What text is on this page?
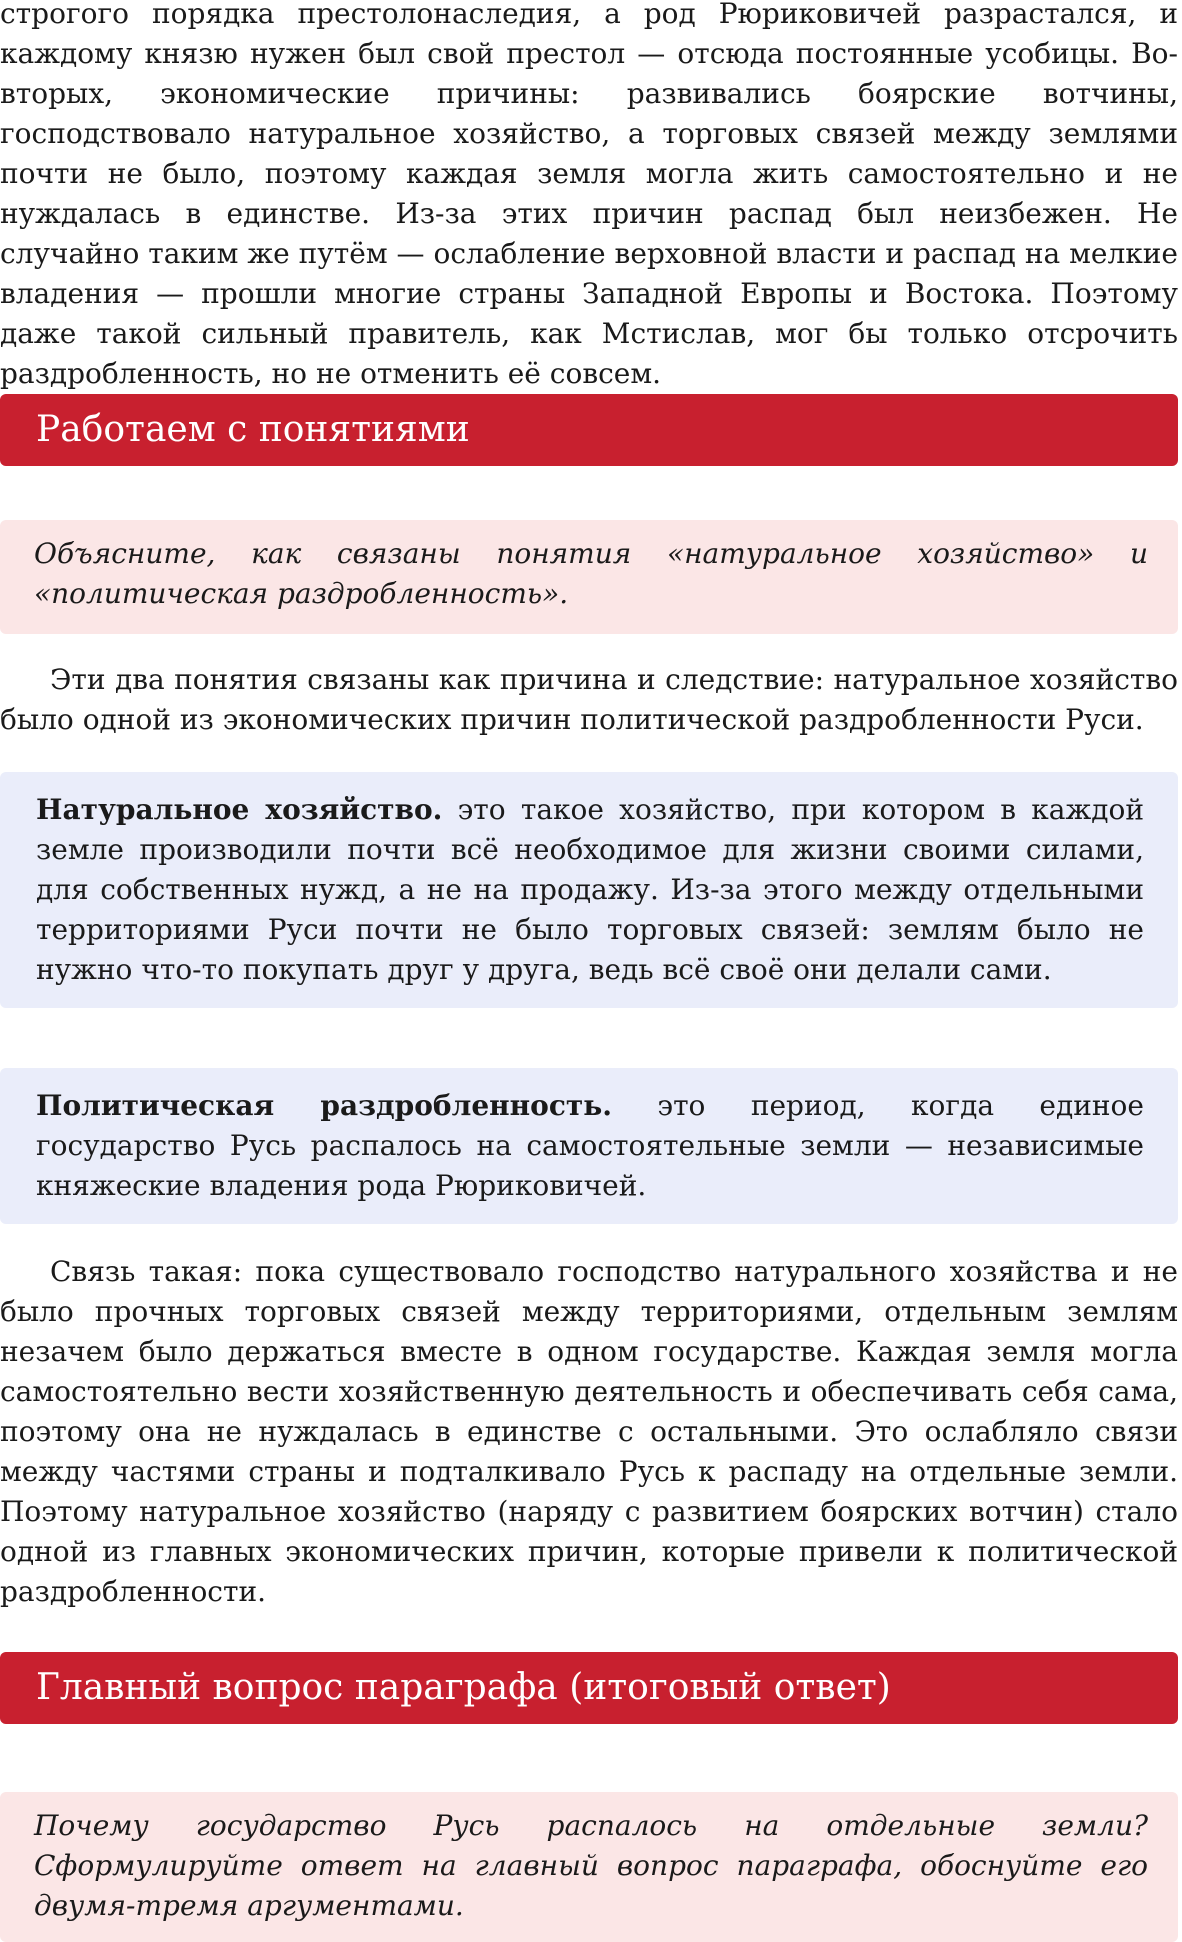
строгого порядка престолонаследия, а род Рюриковичей разрастался, и каждому князю нужен был свой престол — отсюда постоянные усобицы. Во-вторых, экономические причины: развивались боярские вотчины, господствовало натуральное хозяйство, а торговых связей между землями почти не было, поэтому каждая земля могла жить самостоятельно и не нуждалась в единстве. Из-за этих причин распад был неизбежен. Не случайно таким же путём — ослабление верховной власти и распад на мелкие владения — прошли многие страны Западной Европы и Востока. Поэтому даже такой сильный правитель, как Мстислав, мог бы только отсрочить раздробленность, но не отменить её совсем.

Работаем с понятиями

Объясните, как связаны понятия «натуральное хозяйство» и «политическая раздробленность».

Эти два понятия связаны как причина и следствие: натуральное хозяйство было одной из экономических причин политической раздробленности Руси.

Натуральное хозяйство. это такое хозяйство, при котором в каждой земле производили почти всё необходимое для жизни своими силами, для собственных нужд, а не на продажу. Из-за этого между отдельными территориями Руси почти не было торговых связей: землям было не нужно что-то покупать друг у друга, ведь всё своё они делали сами.

Политическая раздробленность. это период, когда единое государство Русь распалось на самостоятельные земли — независимые княжеские владения рода Рюриковичей.

Связь такая: пока существовало господство натурального хозяйства и не было прочных торговых связей между территориями, отдельным землям незачем было держаться вместе в одном государстве. Каждая земля могла самостоятельно вести хозяйственную деятельность и обеспечивать себя сама, поэтому она не нуждалась в единстве с остальными. Это ослабляло связи между частями страны и подталкивало Русь к распаду на отдельные земли. Поэтому натуральное хозяйство (наряду с развитием боярских вотчин) стало одной из главных экономических причин, которые привели к политической раздробленности.

Главный вопрос параграфа (итоговый ответ)

Почему государство Русь распалось на отдельные земли? Сформулируйте ответ на главный вопрос параграфа, обоснуйте его двумя-тремя аргументами.
